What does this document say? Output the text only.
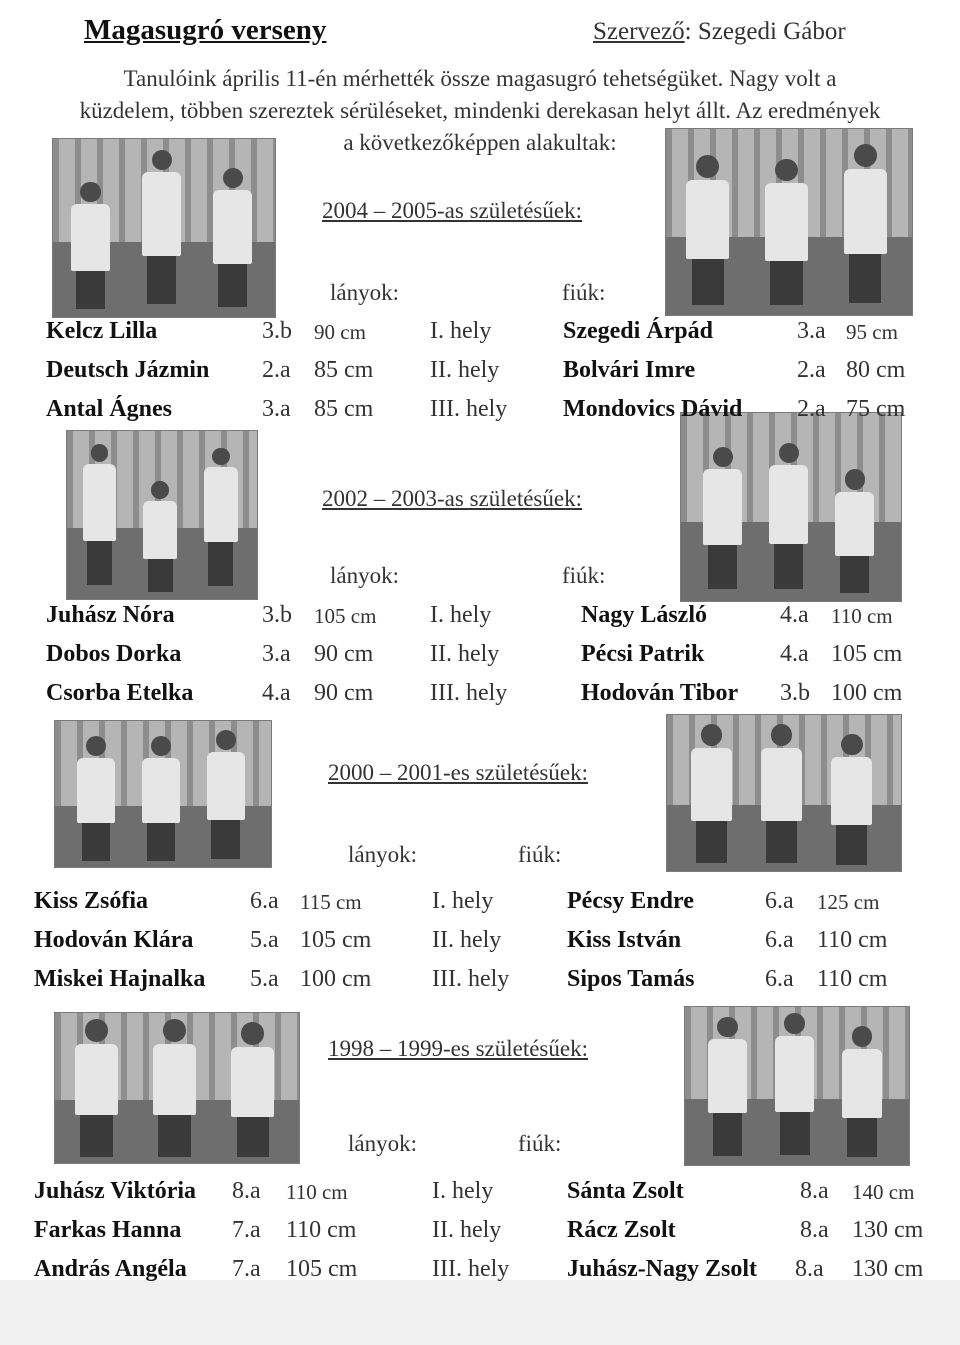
Magasugró verseny	Szervező: Szegedi Gábor
Tanulóink április 11-én mérhették össze magasugró tehetségüket. Nagy volt a
küzdelem, többen szereztek sérüléseket, mindenki derekasan helyt állt. Az eredmények
a következőképpen alakultak:
2004 – 2005-as születésűek:
lányok:	fiúk:
Kelcz Lilla	3.b 90 cm	I. hely	Szegedi Árpád	3.a 95 cm
Deutsch Jázmin 2.a 85 cm II. hely	Bolvári Imre	2.a 80 cm
Antal Ágnes	3.a 85 cm III. hely Mondovics Dávid 2.a 75 cm
2002 – 2003-as születésűek:
lányok:	fiúk:
Juhász Nóra	3.b 105 cm I. hely	Nagy László	4.a 110 cm
Dobos Dorka	3.a 90 cm II. hely	Pécsi Patrik	4.a 105 cm
Csorba Etelka	4.a 90 cm III. hely	Hodován Tibor 3.b 100 cm
2000 – 2001-es születésűek:
lányok:	fiúk:
Kiss Zsófia	6.a 115 cm	I. hely	Pécsy Endre	6.a 125 cm
Hodován Klára 5.a 105 cm	II. hely	Kiss István	6.a 110 cm
Miskei Hajnalka 5.a 100 cm	III. hely Sipos Tamás	6.a 110 cm
1998 – 1999-es születésűek:
lányok:	fiúk:
Juhász Viktória 8.a 110 cm	I. hely	Sánta Zsolt	8.a 140 cm
Farkas Hanna 7.a 110 cm	II. hely	Rácz Zsolt	8.a 130 cm
András Angéla 7.a 105 cm	III. hely Juhász-Nagy Zsolt 8.a 130 cm
